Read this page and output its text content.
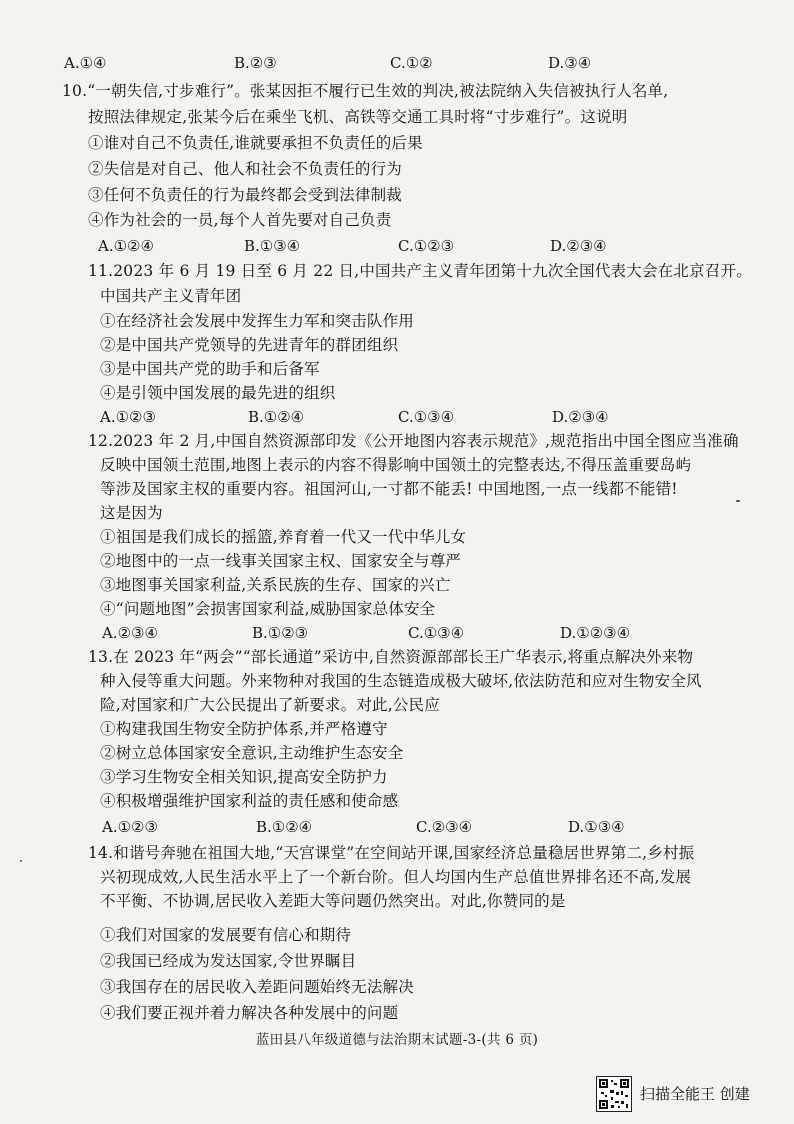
A.①④	B.②③	C.①②	D.③④
10.“一朝失信,寸步难行”。张某因拒不履行已生效的判决,被法院纳入失信被执行人名单,
按照法律规定,张某今后在乘坐飞机、高铁等交通工具时将“寸步难行”。这说明
①谁对自己不负责任,谁就要承担不负责任的后果
②失信是对自己、他人和社会不负责任的行为
③任何不负责任的行为最终都会受到法律制裁
④作为社会的一员,每个人首先要对自己负责
A.①②④	B.①③④	C.①②③	D.②③④
11.2023 年 6 月 19 日至 6 月 22 日,中国共产主义青年团第十九次全国代表大会在北京召开。
中国共产主义青年团
①在经济社会发展中发挥生力军和突击队作用
②是中国共产党领导的先进青年的群团组织
③是中国共产党的助手和后备军
④是引领中国发展的最先进的组织
A.①②③	B.①②④	C.①③④	D.②③④
12.2023 年 2 月,中国自然资源部印发《公开地图内容表示规范》,规范指出中国全图应当准确
反映中国领土范围,地图上表示的内容不得影响中国领土的完整表达,不得压盖重要岛屿
等涉及国家主权的重要内容。祖国河山,一寸都不能丢! 中国地图,一点一线都不能错!
这是因为
①祖国是我们成长的摇篮,养育着一代又一代中华儿女
②地图中的一点一线事关国家主权、国家安全与尊严
③地图事关国家利益,关系民族的生存、国家的兴亡
④“问题地图”会损害国家利益,威胁国家总体安全
A.②③④	B.①②③	C.①③④	D.①②③④
13.在 2023 年“两会”“部长通道”采访中,自然资源部部长王广华表示,将重点解决外来物
种入侵等重大问题。外来物种对我国的生态链造成极大破坏,依法防范和应对生物安全风
险,对国家和广大公民提出了新要求。对此,公民应
①构建我国生物安全防护体系,并严格遵守
②树立总体国家安全意识,主动维护生态安全
③学习生物安全相关知识,提高安全防护力
④积极增强维护国家利益的责任感和使命感
A.①②③	B.①②④	C.②③④	D.①③④
14.和谐号奔驰在祖国大地,“天宫课堂”在空间站开课,国家经济总量稳居世界第二,乡村振
兴初现成效,人民生活水平上了一个新台阶。但人均国内生产总值世界排名还不高,发展
不平衡、不协调,居民收入差距大等问题仍然突出。对此,你赞同的是
①我们对国家的发展要有信心和期待
②我国已经成为发达国家,令世界瞩目
③我国存在的居民收入差距问题始终无法解决
④我们要正视并着力解决各种发展中的问题
蓝田县八年级道德与法治期末试题-3-(共 6 页)
扫描全能王 创建
